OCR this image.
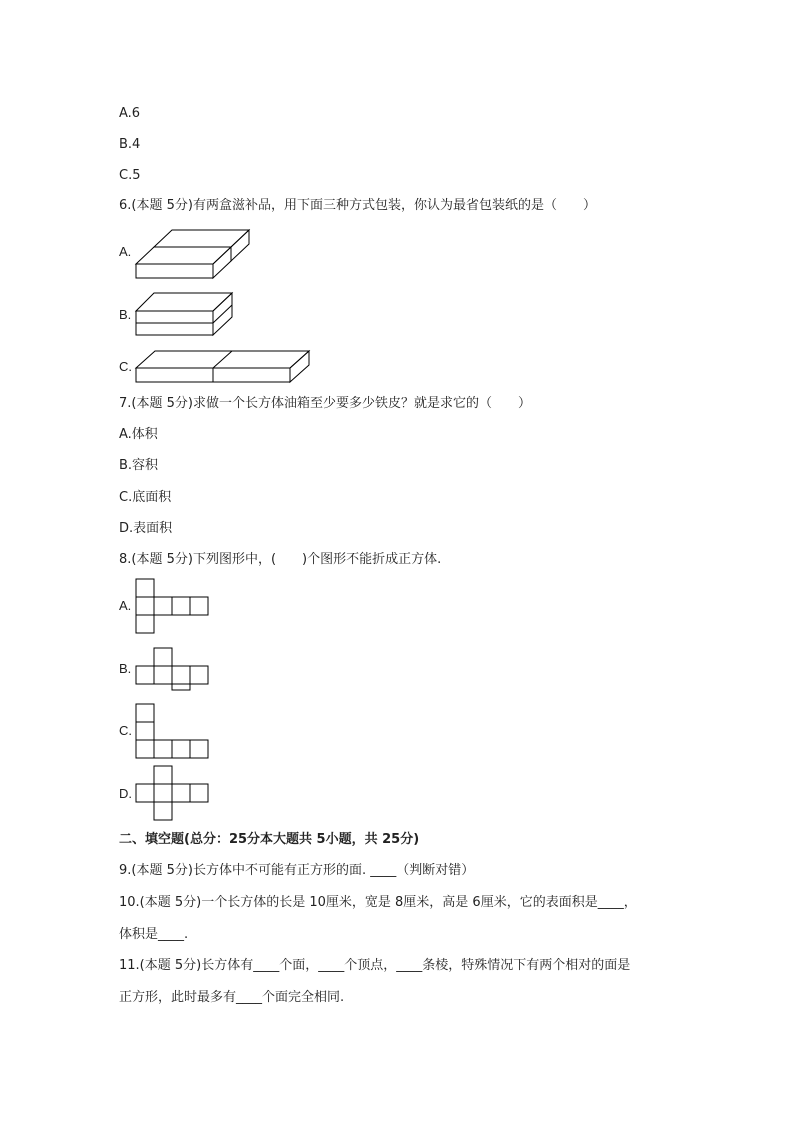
A.6
B.4
C.5
6.(本题 5分)有两盒滋补品，用下面三种方式包装，你认为最省包装纸的是（　　）
A.
B.
C.
7.(本题 5分)求做一个长方体油箱至少要多少铁皮？就是求它的（　　）
A.体积
B.容积
C.底面积
D.表面积
8.(本题 5分)下列图形中，(　　)个图形不能折成正方体.
A.
B.
C.
D.
二、填空题(总分：25分本大题共 5小题，共 25分)
9.(本题 5分)长方体中不可能有正方形的面. ____（判断对错）
10.(本题 5分)一个长方体的长是 10厘米，宽是 8厘米，高是 6厘米，它的表面积是____，
体积是____.
11.(本题 5分)长方体有____个面，____个顶点，____条棱，特殊情况下有两个相对的面是
正方形，此时最多有____个面完全相同.
